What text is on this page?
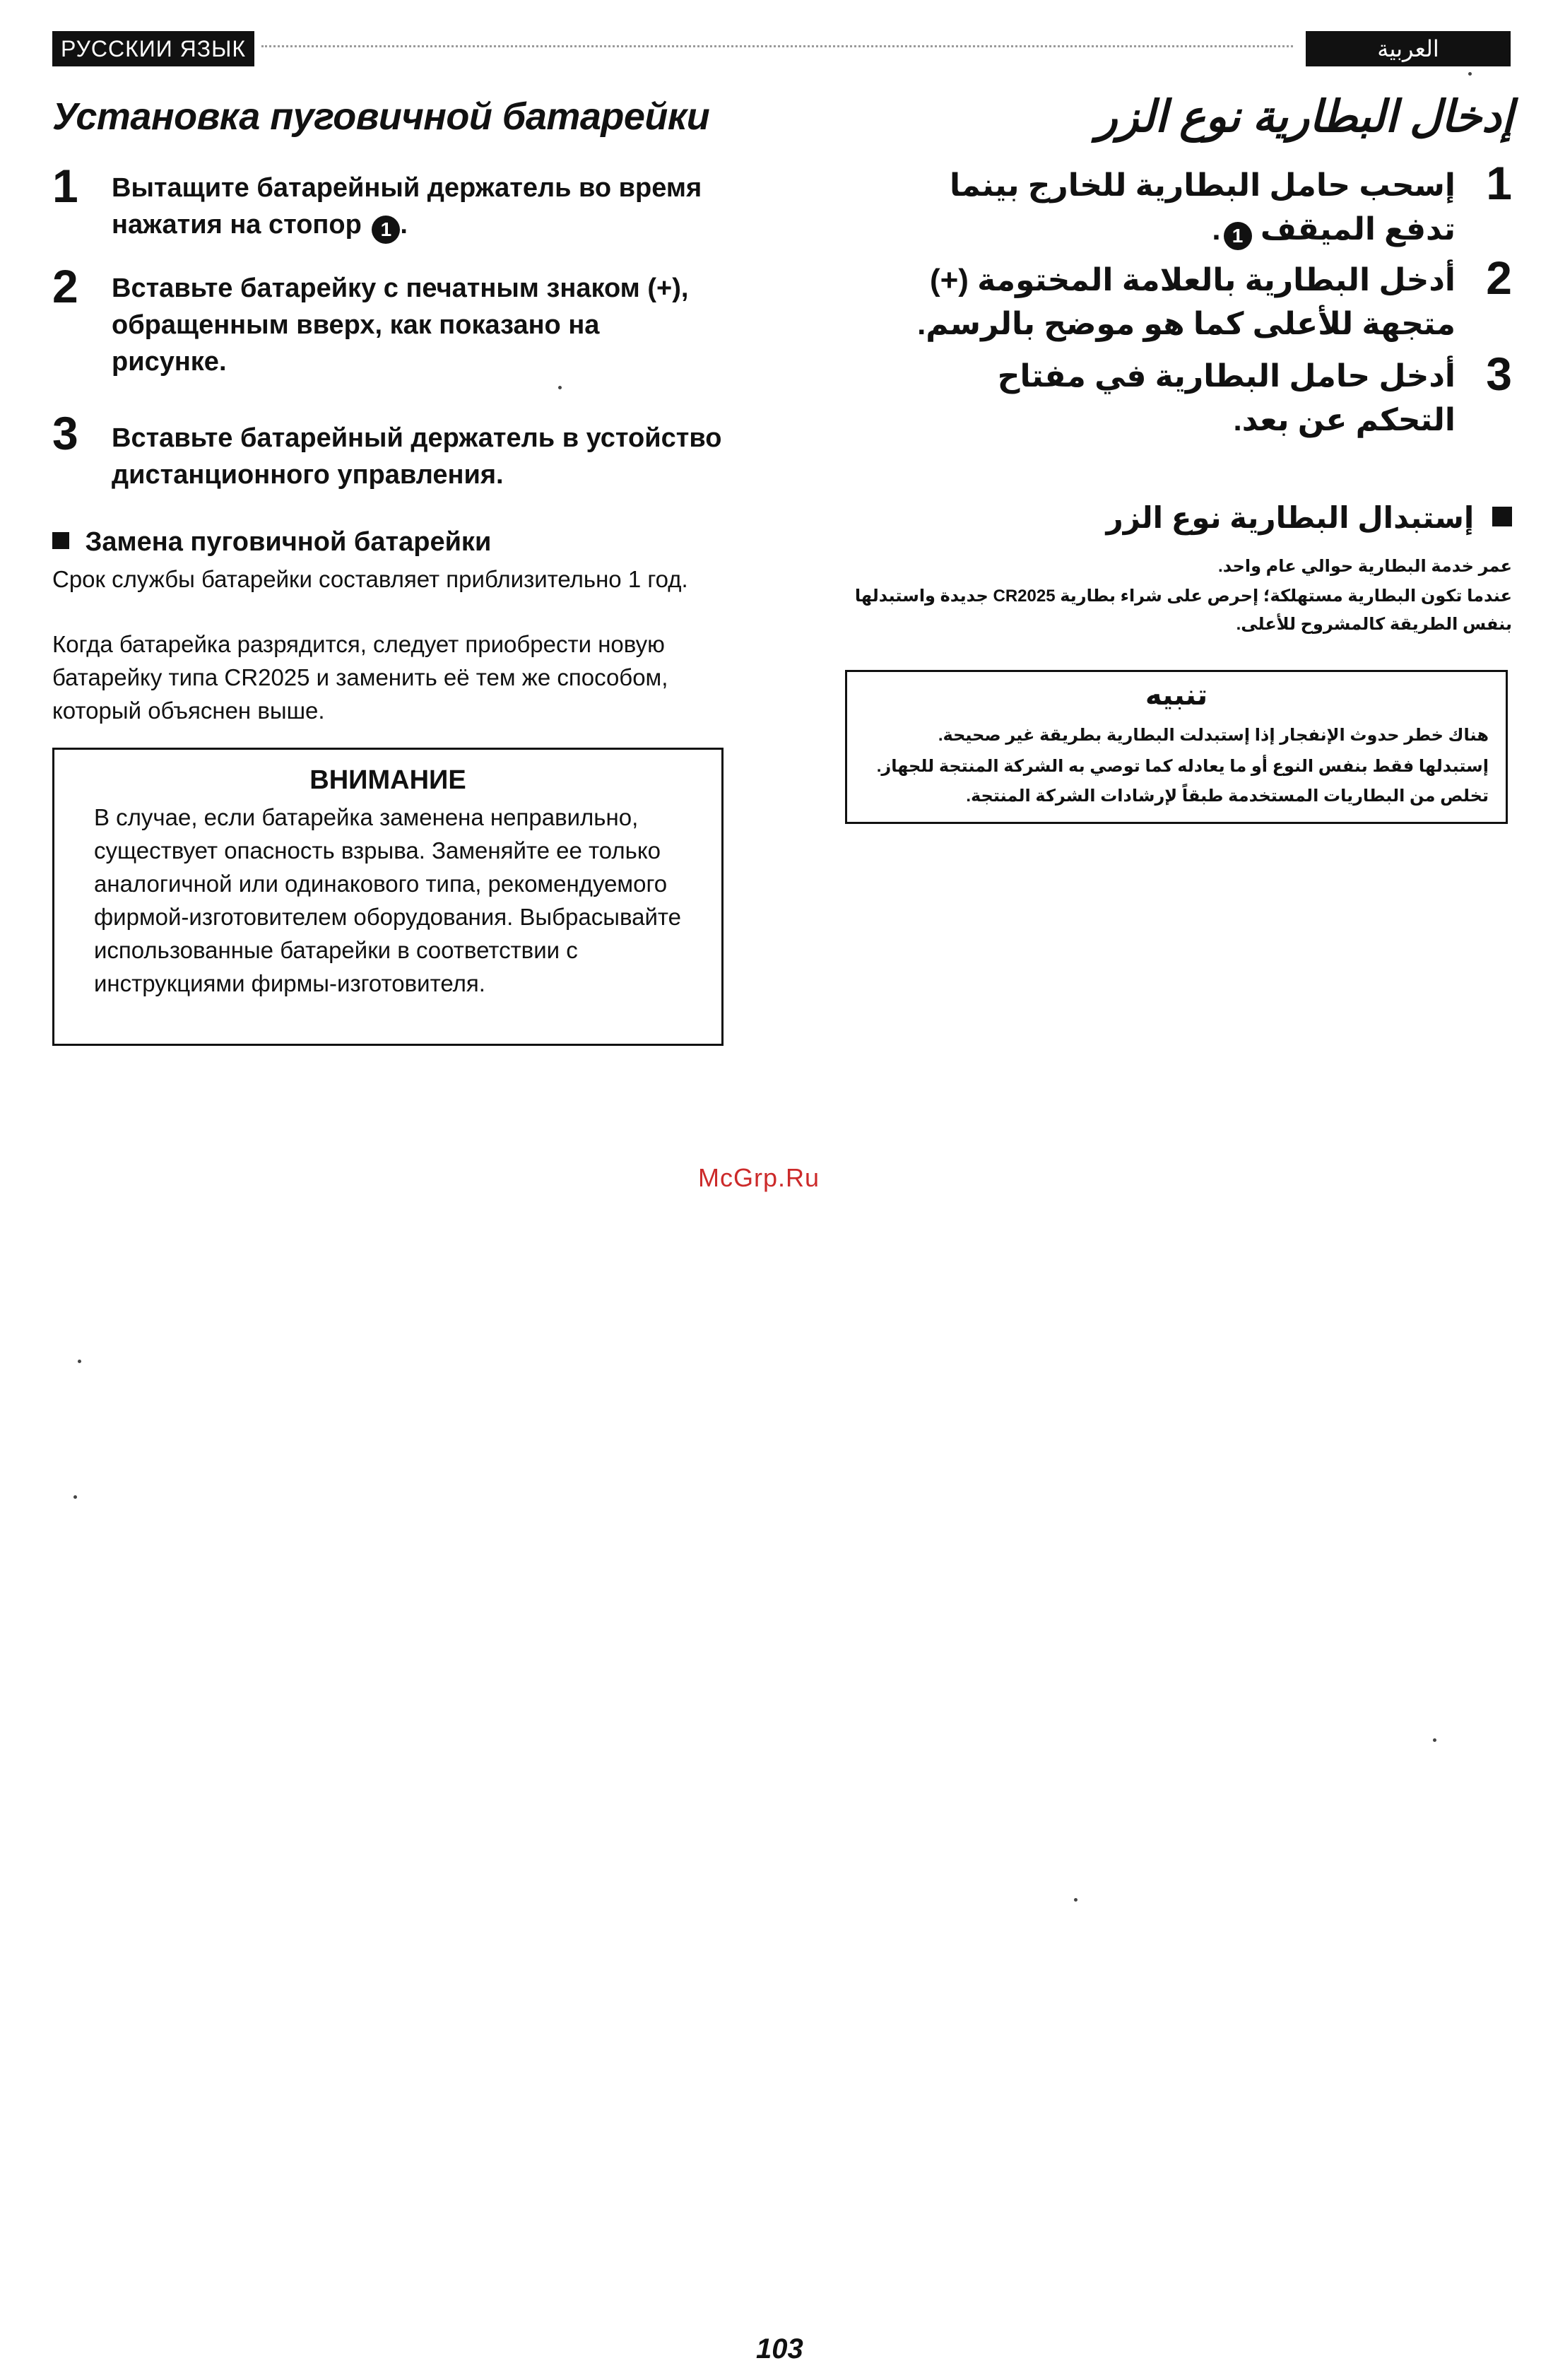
РУССКИИ ЯЗЫК	العربية
Установка пуговичной батарейки
1 Вытащите батарейный держатель во время нажатия на стопор 1 .
2 Вставьте батарейку с печатным знаком (+), обращенным вверх, как показано на рисунке.
3 Вставьте батарейный держатель в устойство дистанционного управления.
Замена пуговичной батарейки
Срок службы батарейки составляет приблизительно 1 год.
Когда батарейка разрядится, следует приобрести новую батарейку типа CR2025 и заменить её тем же способом, который объяснен выше.
ВНИМАНИЕ
В случае, если батарейка заменена неправильно, существует опасность взрыва. Заменяйте ее только аналогичной или одинакового типа, рекомендуемого фирмой-изготовителем оборудования. Выбрасывайте использованные батарейки в соответствии с инструкциями фирмы-изготовителя.
إدخال البطارية نوع الزر
1
إسحب حامل البطارية للخارج بينما تدفع الميقف 1.
2
أدخل البطارية بالعلامة المختومة (+) متجهة للأعلى كما هو موضح بالرسم.
3
أدخل حامل البطارية في مفتاح التحكم عن بعد.
إستبدال البطارية نوع الزر
عمر خدمة البطارية حوالي عام واحد.
عندما تكون البطارية مستهلكة؛ إحرص على شراء بطارية CR2025 جديدة واستبدلها بنفس الطريقة كالمشروح للأعلى.
تنبيه
هناك خطر حدوث الإنفجار إذا إستبدلت البطارية بطريقة غير صحيحة.
إستبدلها فقط بنفس النوع أو ما يعادله كما توصي به الشركة المنتجة للجهاز.
تخلص من البطاريات المستخدمة طبقاً لإرشادات الشركة المنتجة.
McGrp.Ru
103
